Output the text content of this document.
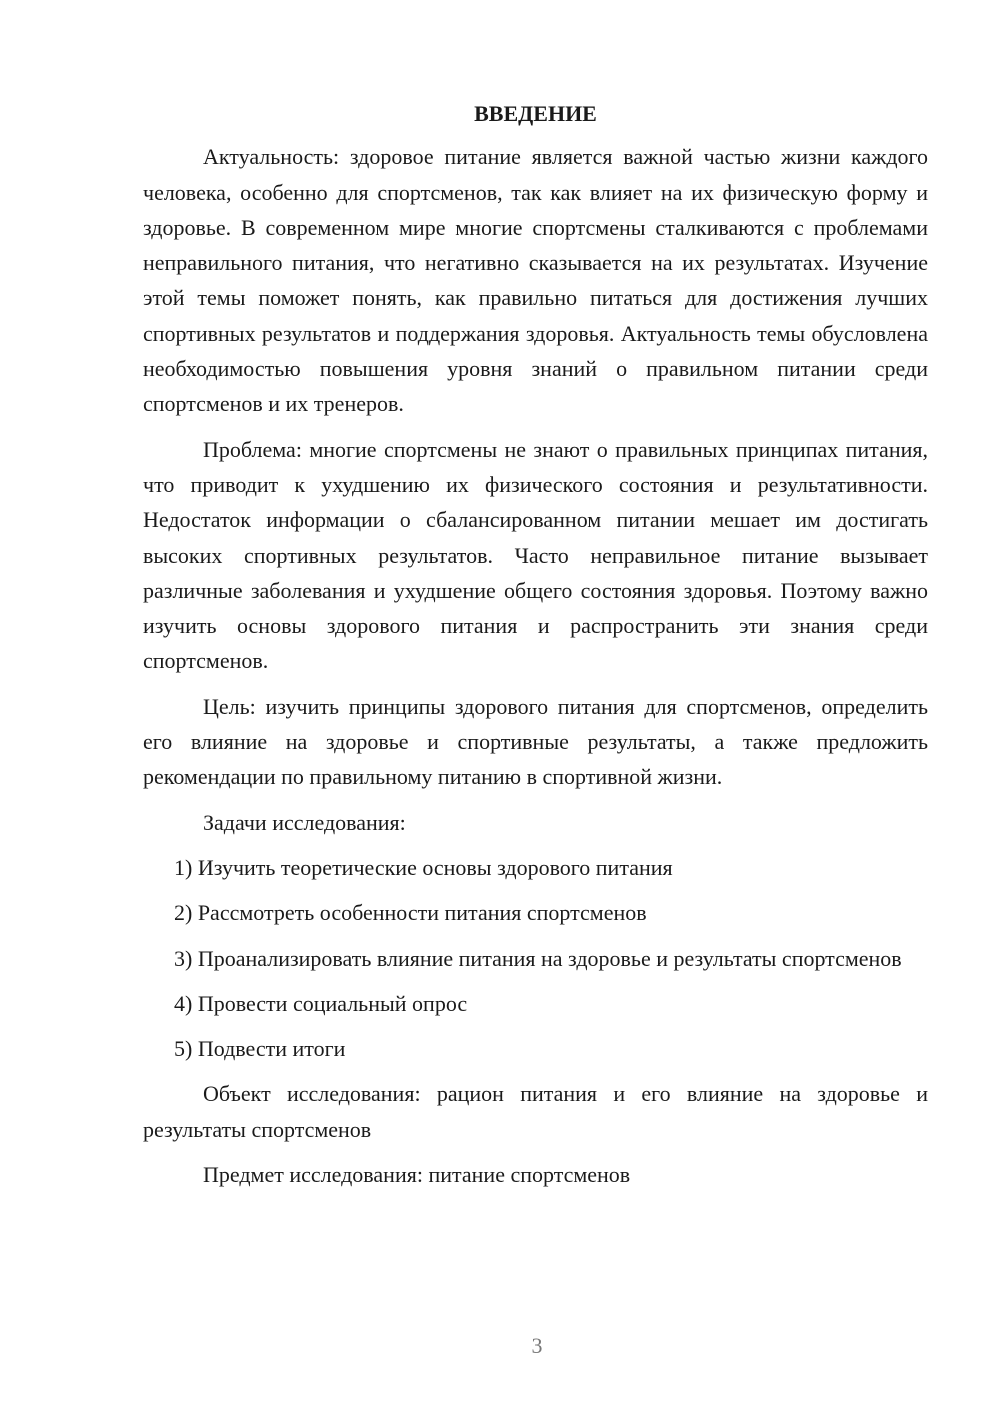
ВВЕДЕНИЕ

Актуальность: здоровое питание является важной частью жизни каждого человека, особенно для спортсменов, так как влияет на их физическую форму и здоровье. В современном мире многие спортсмены сталкиваются с проблемами неправильного питания, что негативно сказывается на их результатах. Изучение этой темы поможет понять, как правильно питаться для достижения лучших спортивных результатов и поддержания здоровья. Актуальность темы обусловлена необходимостью повышения уровня знаний о правильном питании среди спортсменов и их тренеров.

Проблема: многие спортсмены не знают о правильных принципах питания, что приводит к ухудшению их физического состояния и результативности. Недостаток информации о сбалансированном питании мешает им достигать высоких спортивных результатов. Часто неправильное питание вызывает различные заболевания и ухудшение общего состояния здоровья. Поэтому важно изучить основы здорового питания и распространить эти знания среди спортсменов.

Цель: изучить принципы здорового питания для спортсменов, определить его влияние на здоровье и спортивные результаты, а также предложить рекомендации по правильному питанию в спортивной жизни.

Задачи исследования:

1) Изучить теоретические основы здорового питания

2) Рассмотреть особенности питания спортсменов

3) Проанализировать влияние питания на здоровье и результаты спортсменов

4) Провести социальный опрос

5) Подвести итоги

Объект исследования: рацион питания и его влияние на здоровье и результаты спортсменов

Предмет исследования: питание спортсменов

3
